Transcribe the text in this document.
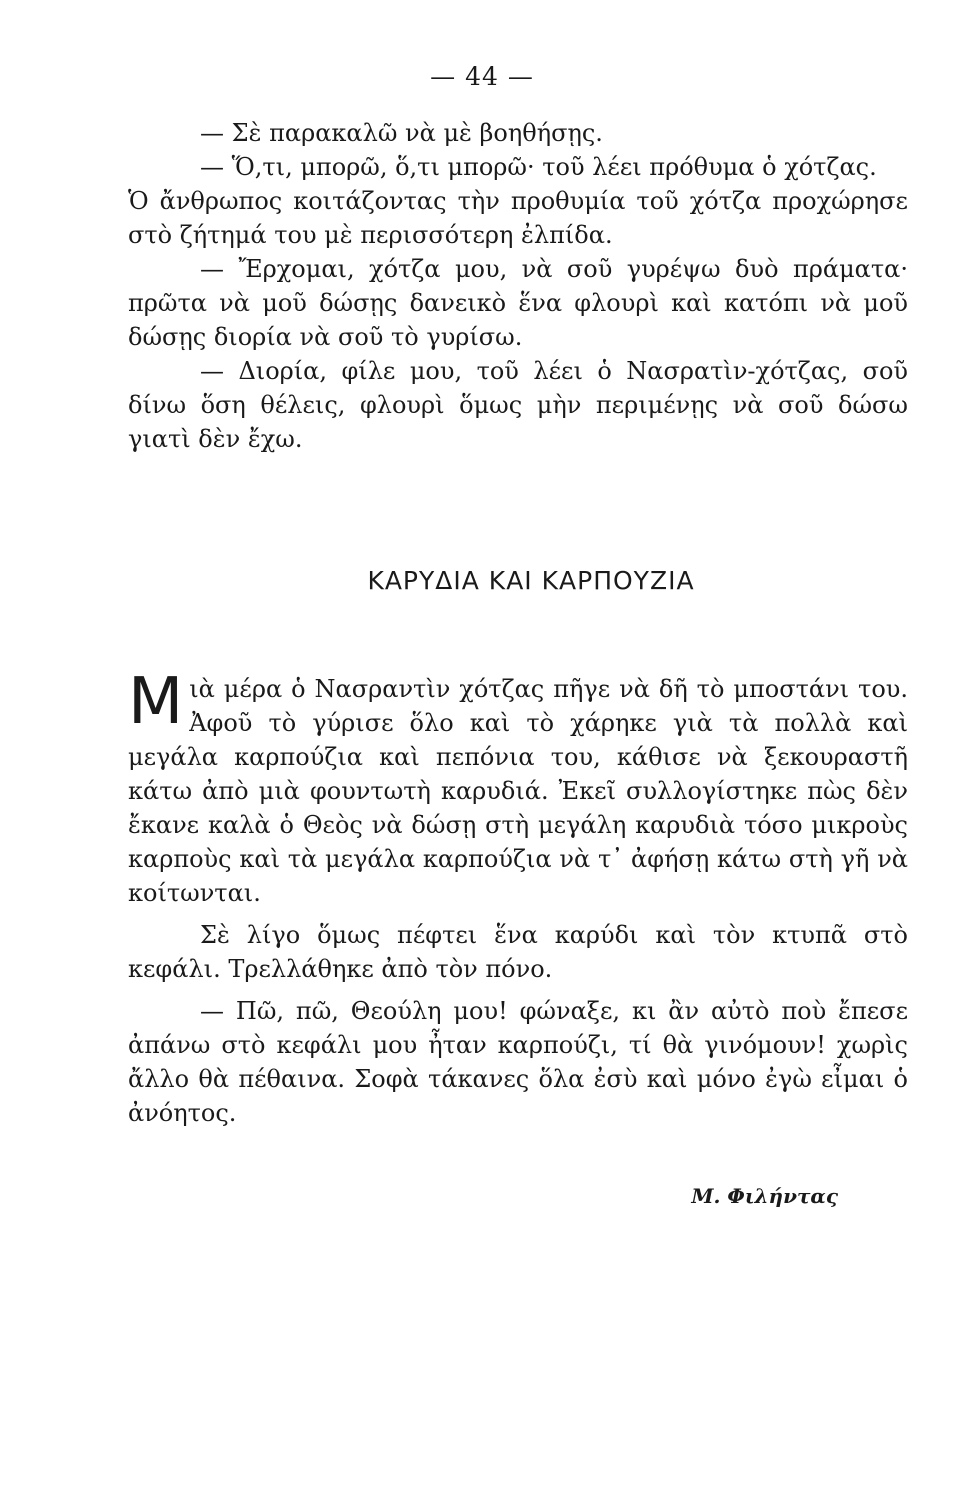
— 44 —

— Σὲ παρακαλῶ νὰ μὲ βοηθήσῃς.

— Ὅ,τι, μπορῶ, ὅ,τι μπορῶ· τοῦ λέει πρόθυμα ὁ χότζας.

Ὁ ἄνθρωπος κοιτάζοντας τὴν προθυμία τοῦ χότζα προχώρησε στὸ ζήτημά του μὲ περισσότερη ἐλπίδα.

— Ἔρχομαι, χότζα μου, νὰ σοῦ γυρέψω δυὸ πράματα· πρῶτα νὰ μοῦ δώσῃς δανεικὸ ἕνα φλουρὶ καὶ κατόπι νὰ μοῦ δώσῃς διορία νὰ σοῦ τὸ γυρίσω.

— Διορία, φίλε μου, τοῦ λέει ὁ Νασρατὶν-χότζας, σοῦ δίνω ὅση θέλεις, φλουρὶ ὅμως μὴν περιμένῃς νὰ σοῦ δώσω γιατὶ δὲν ἔχω.

ΚΑΡΥΔΙΑ ΚΑΙ ΚΑΡΠΟΥΖΙΑ

Μιὰ μέρα ὁ Νασραντὶν χότζας πῆγε νὰ δῆ τὸ μποστάνι του. Ἀφοῦ τὸ γύρισε ὅλο καὶ τὸ χάρηκε γιὰ τὰ πολλὰ καὶ μεγάλα καρπούζια καὶ πεπόνια του, κάθισε νὰ ξεκουραστῆ κάτω ἀπὸ μιὰ φουντωτὴ καρυδιά. Ἐκεῖ συλλογίστηκε πὼς δὲν ἔκανε καλὰ ὁ Θεὸς νὰ δώσῃ στὴ μεγάλη καρυδιὰ τόσο μικροὺς καρποὺς καὶ τὰ μεγάλα καρπούζια νὰ τ᾽ ἀφήσῃ κάτω στὴ γῆ νὰ κοίτωνται.

Σὲ λίγο ὅμως πέφτει ἕνα καρύδι καὶ τὸν κτυπᾶ στὸ κεφάλι. Τρελλάθηκε ἀπὸ τὸν πόνο.

— Πῶ, πῶ, Θεούλη μου! φώναξε, κι ἂν αὐτὸ ποὺ ἔπεσε ἀπάνω στὸ κεφάλι μου ἦταν καρπούζι, τί θὰ γινόμουν! χωρὶς ἄλλο θὰ πέθαινα. Σοφὰ τάκανες ὅλα ἐσὺ καὶ μόνο ἐγὼ εἶμαι ὁ ἀνόητος.

Μ. Φιλήντας
